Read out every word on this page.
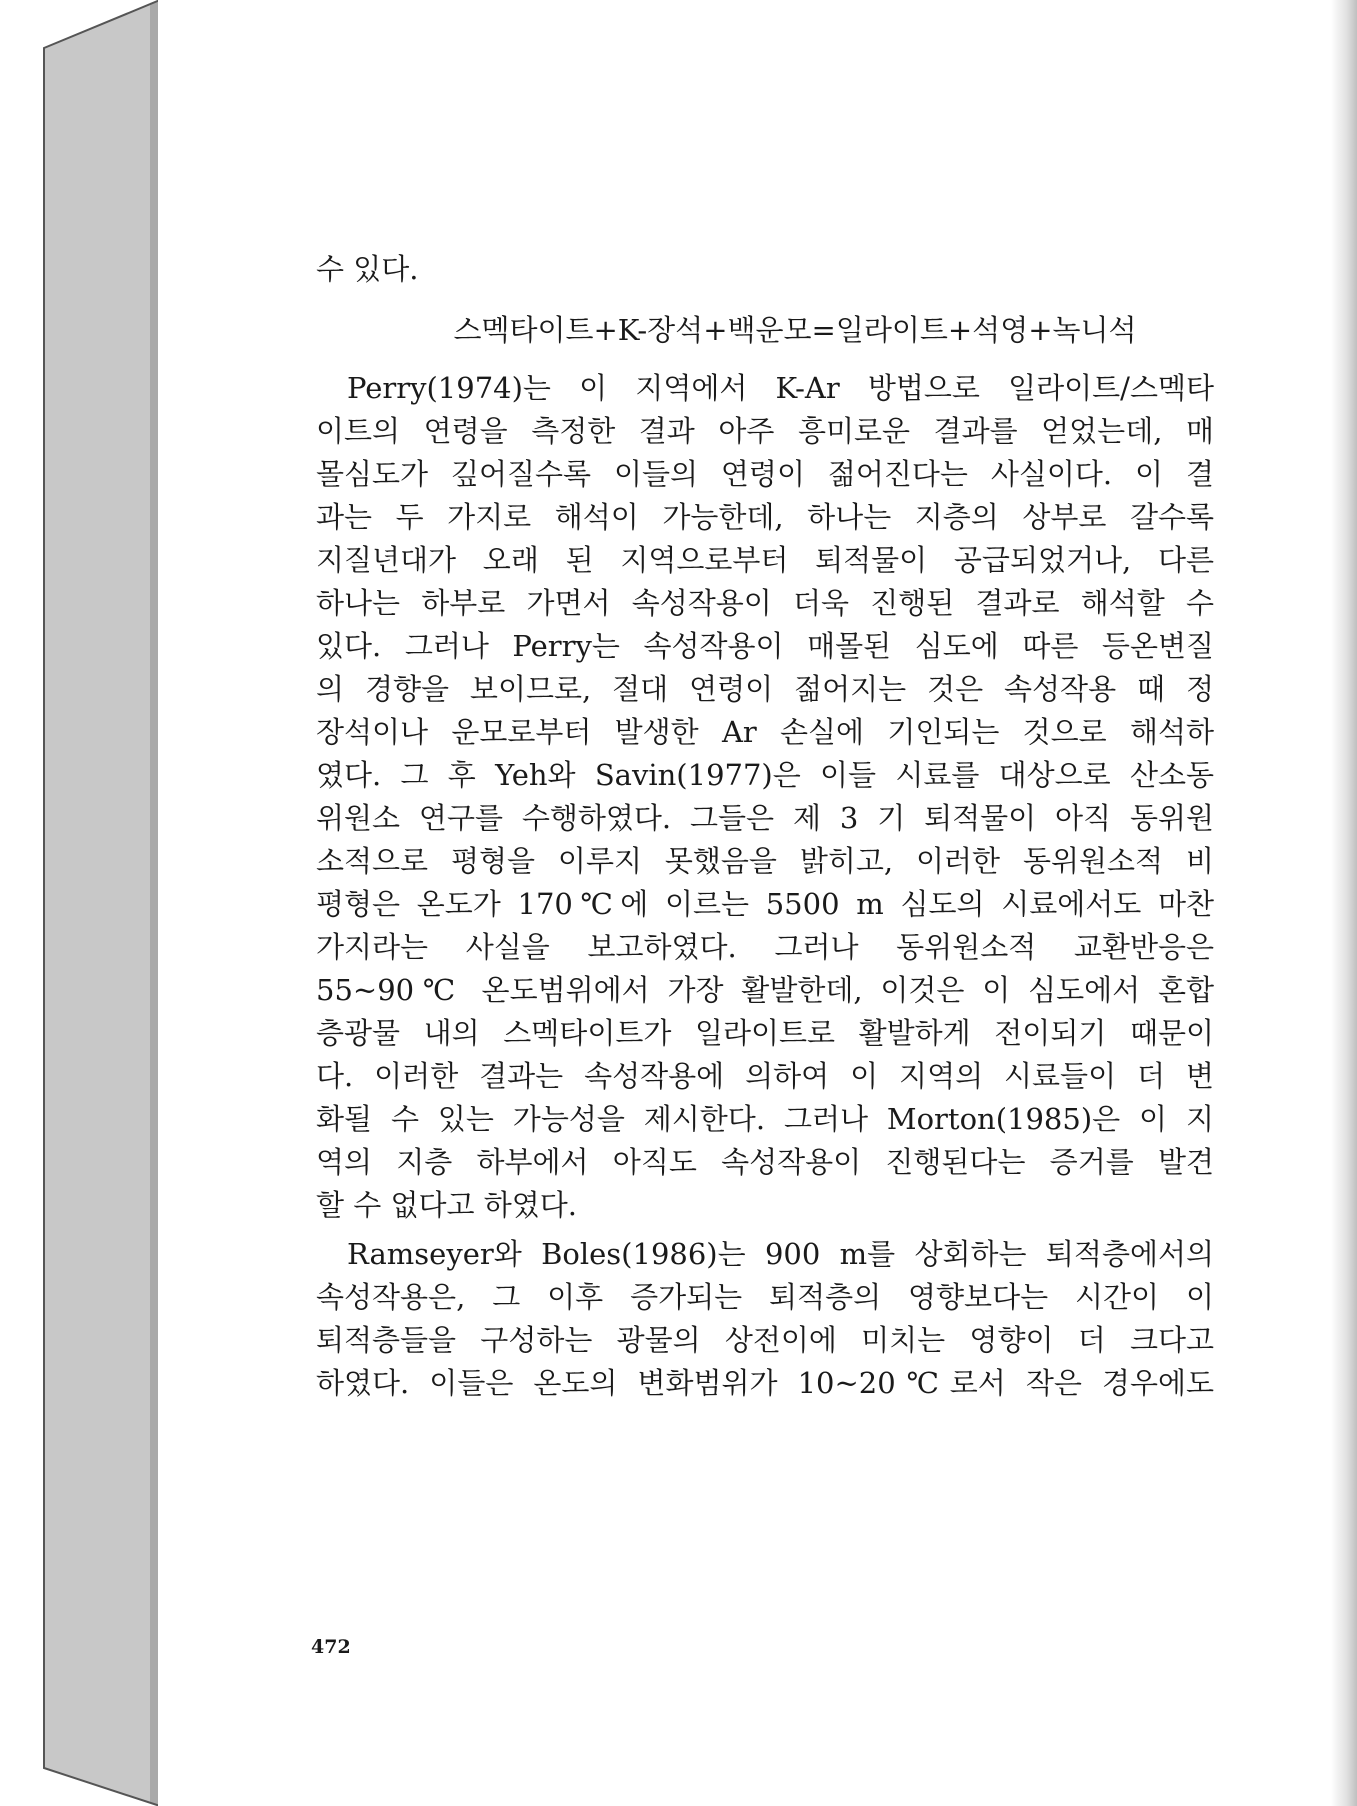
수 있다.
스멕타이트+K-장석+백운모=일라이트+석영+녹니석
Perry(1974)는 이 지역에서 K-Ar 방법으로 일라이트/스멕타
이트의 연령을 측정한 결과 아주 흥미로운 결과를 얻었는데, 매
몰심도가 깊어질수록 이들의 연령이 젊어진다는 사실이다. 이 결
과는 두 가지로 해석이 가능한데, 하나는 지층의 상부로 갈수록
지질년대가 오래 된 지역으로부터 퇴적물이 공급되었거나, 다른
하나는 하부로 가면서 속성작용이 더욱 진행된 결과로 해석할 수
있다. 그러나 Perry는 속성작용이 매몰된 심도에 따른 등온변질
의 경향을 보이므로, 절대 연령이 젊어지는 것은 속성작용 때 정
장석이나 운모로부터 발생한 Ar 손실에 기인되는 것으로 해석하
였다. 그 후 Yeh와 Savin(1977)은 이들 시료를 대상으로 산소동
위원소 연구를 수행하였다. 그들은 제 3 기 퇴적물이 아직 동위원
소적으로 평형을 이루지 못했음을 밝히고, 이러한 동위원소적 비
평형은 온도가 170℃에 이르는 5500 m 심도의 시료에서도 마찬
가지라는 사실을 보고하였다. 그러나 동위원소적 교환반응은
55~90℃ 온도범위에서 가장 활발한데, 이것은 이 심도에서 혼합
층광물 내의 스멕타이트가 일라이트로 활발하게 전이되기 때문이
다. 이러한 결과는 속성작용에 의하여 이 지역의 시료들이 더 변
화될 수 있는 가능성을 제시한다. 그러나 Morton(1985)은 이 지
역의 지층 하부에서 아직도 속성작용이 진행된다는 증거를 발견
할 수 없다고 하였다.
Ramseyer와 Boles(1986)는 900 m를 상회하는 퇴적층에서의
속성작용은, 그 이후 증가되는 퇴적층의 영향보다는 시간이 이
퇴적층들을 구성하는 광물의 상전이에 미치는 영향이 더 크다고
하였다. 이들은 온도의 변화범위가 10~20℃로서 작은 경우에도
472
